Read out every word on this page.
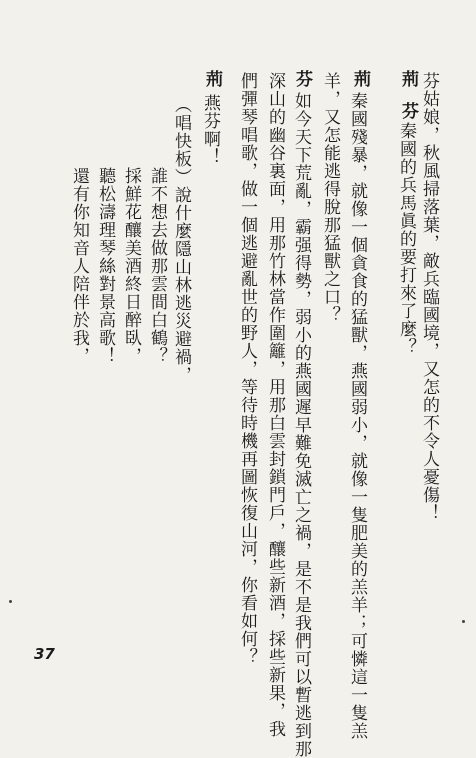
荊
芬
荊
芬
荊	芬姑娘，秋風掃落葉，敵兵臨國境，又怎的不令人憂傷！
秦國的兵馬眞的要打來了麼？
秦國殘暴，就像一個貪食的猛獸，燕國弱小，就像一隻肥美的羔羊；可憐這一隻羔
羊，又怎能逃得脫那猛獸之口？
如今天下荒亂，霸强得勢，弱小的燕國遲早難免滅亡之禍，是不是我們可以暫逃到那
深山的幽谷裏面，用那竹林當作圍籬，用那白雲封鎖門戶，釀些新酒，採些新果，我
們彈琴唱歌，做一個逃避亂世的野人，等待時機再圖恢復山河，你看如何？
燕芬啊！
（唱快板）說什麼隱山林逃災避禍，
誰不想去做那雲間白鶴？
採鮮花釀美酒終日醉臥，
聽松濤理琴絲對景高歌！
還有你知音人陪伴於我，
37
